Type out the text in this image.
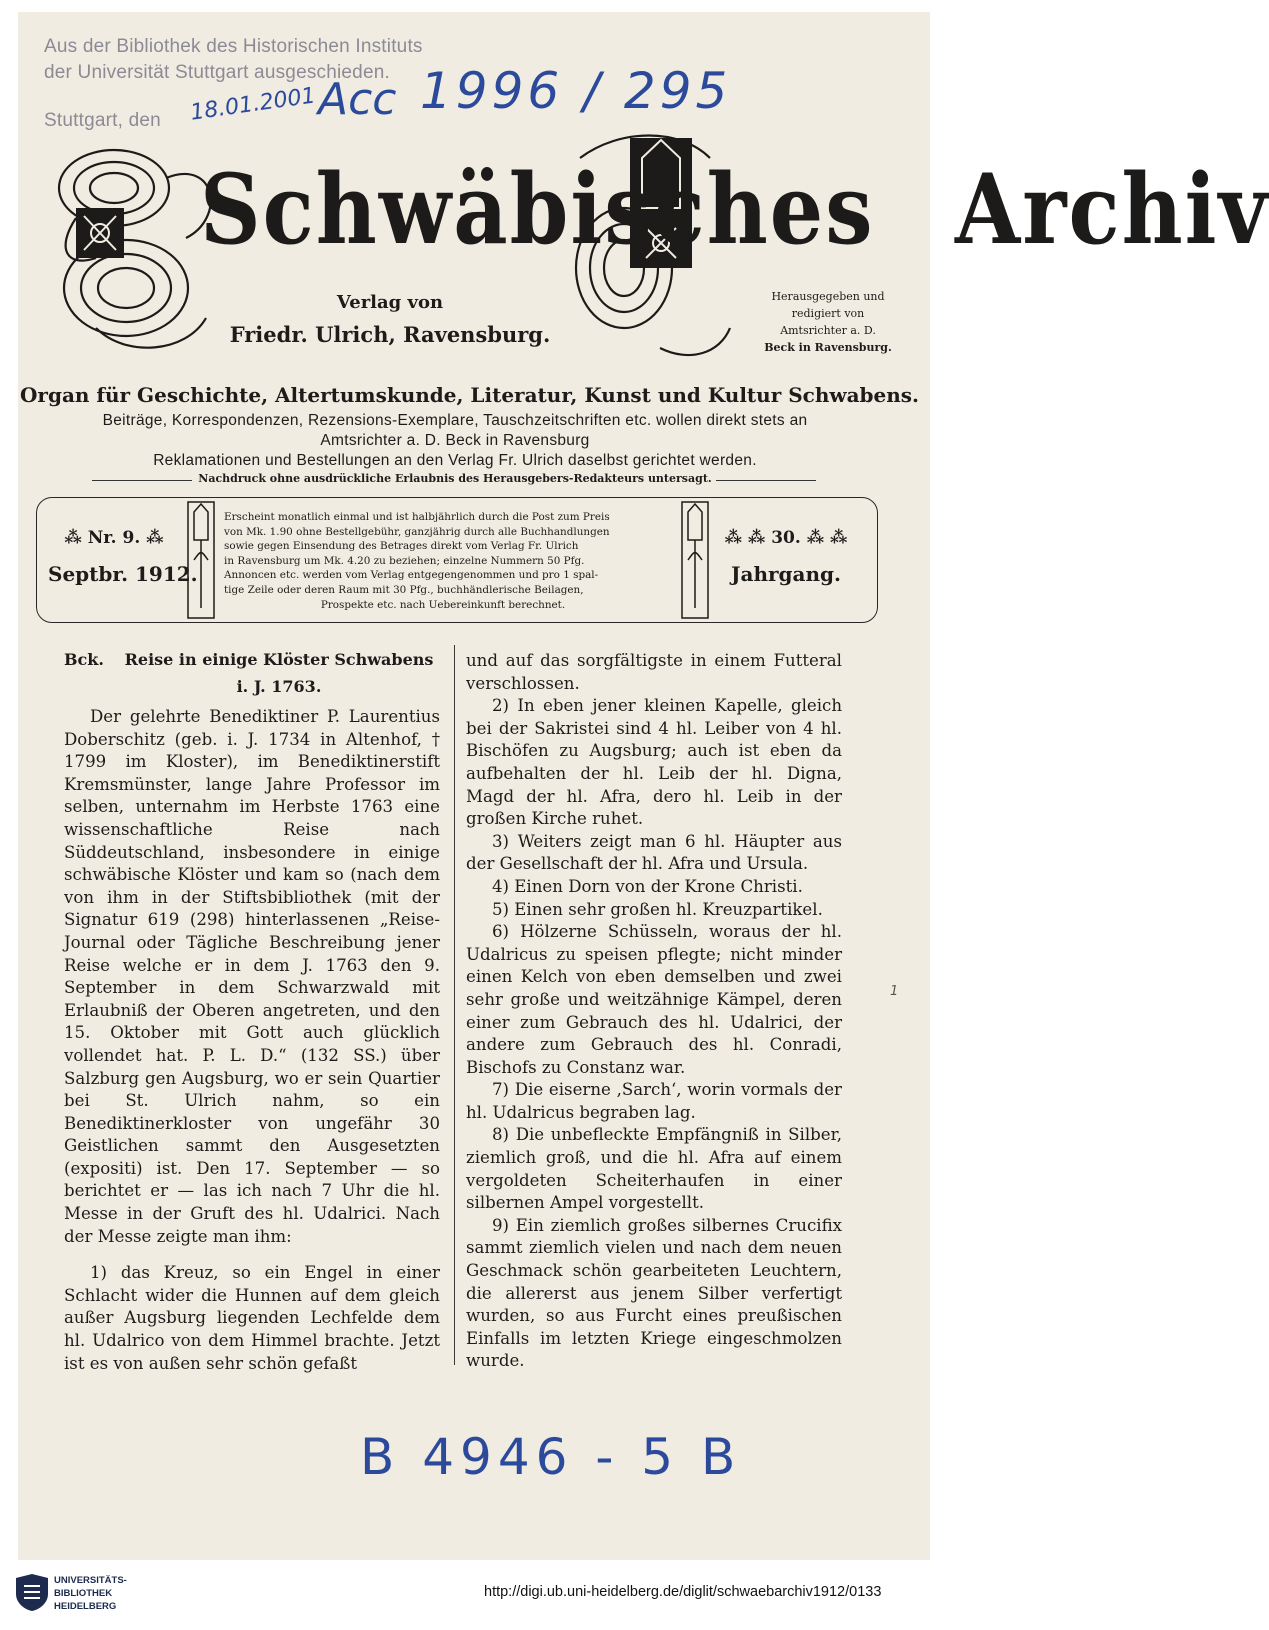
Aus der Bibliothek des Historischen Instituts
der Universität Stuttgart ausgeschieden.
Stuttgart, den 18.01.2001 Acc 1996 / 295
B 4946 - 5 B
1
Schwäbisches Archiv
Verlag von
Friedr. Ulrich, Ravensburg.
Herausgegeben und
redigiert von
Amtsrichter a. D.
Beck in Ravensburg.
Organ für Geschichte, Altertumskunde, Literatur, Kunst und Kultur Schwabens.
Beiträge, Korrespondenzen, Rezensions-Exemplare, Tauschzeitschriften etc. wollen direkt stets an
Amtsrichter a. D. Beck in Ravensburg
Reklamationen und Bestellungen an den Verlag Fr. Ulrich daselbst gerichtet werden.
Nachdruck ohne ausdrückliche Erlaubnis des Herausgebers-Redakteurs untersagt.
⁂ Nr. 9. ⁂
Septbr. 1912.
⁂ ⁂ 30. ⁂ ⁂
Jahrgang.

Erscheint monatlich einmal und ist halbjährlich durch die Post zum Preis

von Mk. 1.90 ohne Bestellgebühr, ganzjährig durch alle Buchhandlungen

sowie gegen Einsendung des Betrages direkt vom Verlag Fr. Ulrich

in Ravensburg um Mk. 4.20 zu beziehen; einzelne Nummern 50 Pfg.

Annoncen etc. werden vom Verlag entgegengenommen und pro 1 spal-

tige Zeile oder deren Raum mit 30 Pfg., buchhändlerische Beilagen,

Prospekte etc. nach Uebereinkunft berechnet.

Bck.	Reise in einige Klöster Schwabens
i. J. 1763.

Der gelehrte Benediktiner P. Laurentius Doberschitz (geb. i. J. 1734 in Altenhof, † 1799 im Kloster), im Benediktinerstift Kremsmünster, lange Jahre Professor im selben, unternahm im Herbste 1763 eine wissenschaftliche Reise nach Süddeutschland, insbesondere in einige schwäbische Klöster und kam so (nach dem von ihm in der Stiftsbibliothek (mit der Signatur 619 (298) hinterlassenen „Reise-Journal oder Tägliche Beschreibung jener Reise welche er in dem J. 1763 den 9. September in dem Schwarzwald mit Erlaubniß der Oberen angetreten, und den 15. Oktober mit Gott auch glücklich vollendet hat. P. L. D.“ (132 SS.) über Salzburg gen Augsburg, wo er sein Quartier bei St. Ulrich nahm, so ein Benediktinerkloster von ungefähr 30 Geistlichen sammt den Ausgesetzten (expositi) ist. Den 17. September — so berichtet er — las ich nach 7 Uhr die hl. Messe in der Gruft des hl. Udalrici. Nach der Messe zeigte man ihm:

1) das Kreuz, so ein Engel in einer Schlacht wider die Hunnen auf dem gleich außer Augsburg liegenden Lechfelde dem hl. Udalrico von dem Himmel brachte. Jetzt ist es von außen sehr schön gefaßt

und auf das sorgfältigste in einem Futteral verschlossen.

2) In eben jener kleinen Kapelle, gleich bei der Sakristei sind 4 hl. Leiber von 4 hl. Bischöfen zu Augsburg; auch ist eben da aufbehalten der hl. Leib der hl. Digna, Magd der hl. Afra, dero hl. Leib in der großen Kirche ruhet.

3) Weiters zeigt man 6 hl. Häupter aus der Gesellschaft der hl. Afra und Ursula.

4) Einen Dorn von der Krone Christi.

5) Einen sehr großen hl. Kreuzpartikel.

6) Hölzerne Schüsseln, woraus der hl. Udalricus zu speisen pflegte; nicht minder einen Kelch von eben demselben und zwei sehr große und weitzähnige Kämpel, deren einer zum Gebrauch des hl. Udalrici, der andere zum Gebrauch des hl. Conradi, Bischofs zu Constanz war.

7) Die eiserne ‚Sarch‘, worin vormals der hl. Udalricus begraben lag.

8) Die unbefleckte Empfängniß in Silber, ziemlich groß, und die hl. Afra auf einem vergoldeten Scheiterhaufen in einer silbernen Ampel vorgestellt.

9) Ein ziemlich großes silbernes Crucifix sammt ziemlich vielen und nach dem neuen Geschmack schön gearbeiteten Leuchtern, die allererst aus jenem Silber verfertigt wurden, so aus Furcht eines preußischen Einfalls im letzten Kriege eingeschmolzen wurde.

UNIVERSITÄTS-
BIBLIOTHEK
HEIDELBERG
http://digi.ub.uni-heidelberg.de/diglit/schwaebarchiv1912/0133
